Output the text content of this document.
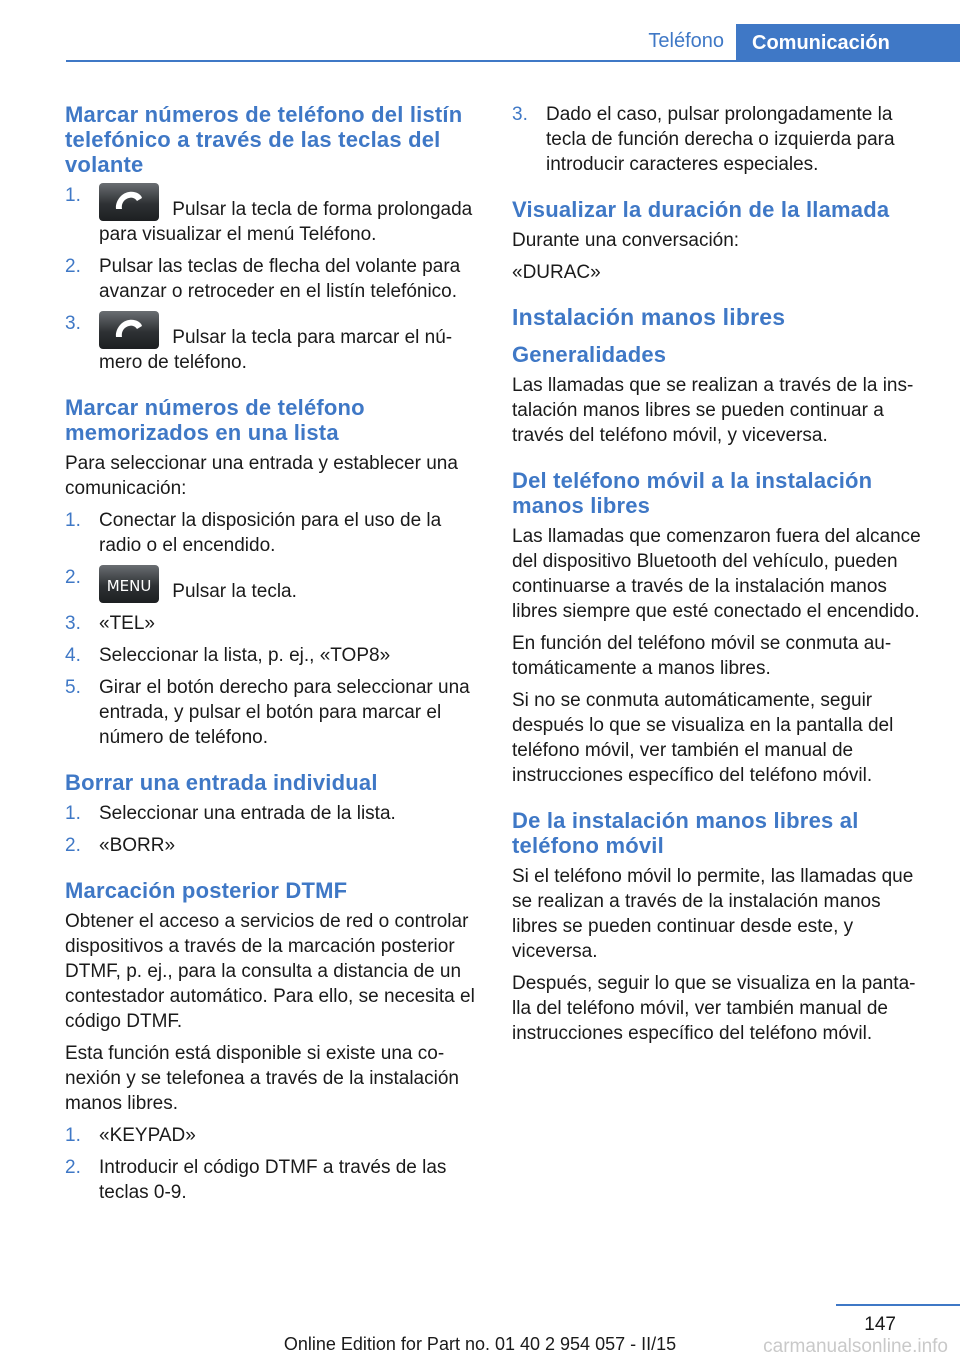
Teléfono	Comunicación
Marcar números de teléfono del listín telefónico a través de las teclas del volante
1.
Pulsar la tecla de forma prolongada para visualizar el menú Teléfono.
2. Pulsar las teclas de flecha del volante para avanzar o retroceder en el listín telefónico.
3.
Pulsar la tecla para marcar el número de teléfono.
Marcar números de teléfono memorizados en una lista

Para seleccionar una entrada y establecer una comunicación:

1. Conectar la disposición para el uso de la radio o el encendido.
2.	MENU Pulsar la tecla.
3. «TEL»
4. Seleccionar la lista, p. ej., «TOP8»
5. Girar el botón derecho para seleccionar una entrada, y pulsar el botón para marcar el número de teléfono.
Borrar una entrada individual
1. Seleccionar una entrada de la lista.
2. «BORR»
Marcación posterior DTMF

Obtener el acceso a servicios de red o controlar dispositivos a través de la marcación posterior DTMF, p. ej., para la consulta a distancia de un contestador automático. Para ello, se necesita el código DTMF.

Esta función está disponible si existe una conexión y se telefonea a través de la instalación manos libres.

1. «KEYPAD»
2. Introducir el código DTMF a través de las teclas 0-9.
3. Dado el caso, pulsar prolongadamente la tecla de función derecha o izquierda para introducir caracteres especiales.
Visualizar la duración de la llamada

Durante una conversación:

«DURAC»

Instalación manos libres
Generalidades

Las llamadas que se realizan a través de la instalación manos libres se pueden continuar a través del teléfono móvil, y viceversa.

Del teléfono móvil a la instalación manos libres

Las llamadas que comenzaron fuera del alcance del dispositivo Bluetooth del vehículo, pueden continuarse a través de la instalación manos libres siempre que esté conectado el encendido.

En función del teléfono móvil se conmuta automáticamente a manos libres.

Si no se conmuta automáticamente, seguir después lo que se visualiza en la pantalla del teléfono móvil, ver también el manual de instrucciones específico del teléfono móvil.

De la instalación manos libres al teléfono móvil

Si el teléfono móvil lo permite, las llamadas que se realizan a través de la instalación manos libres se pueden continuar desde este, y viceversa.

Después, seguir lo que se visualiza en la pantalla del teléfono móvil, ver también manual de instrucciones específico del teléfono móvil.

147
Online Edition for Part no. 01 40 2 954 057 - II/15	carmanualsonline.info
